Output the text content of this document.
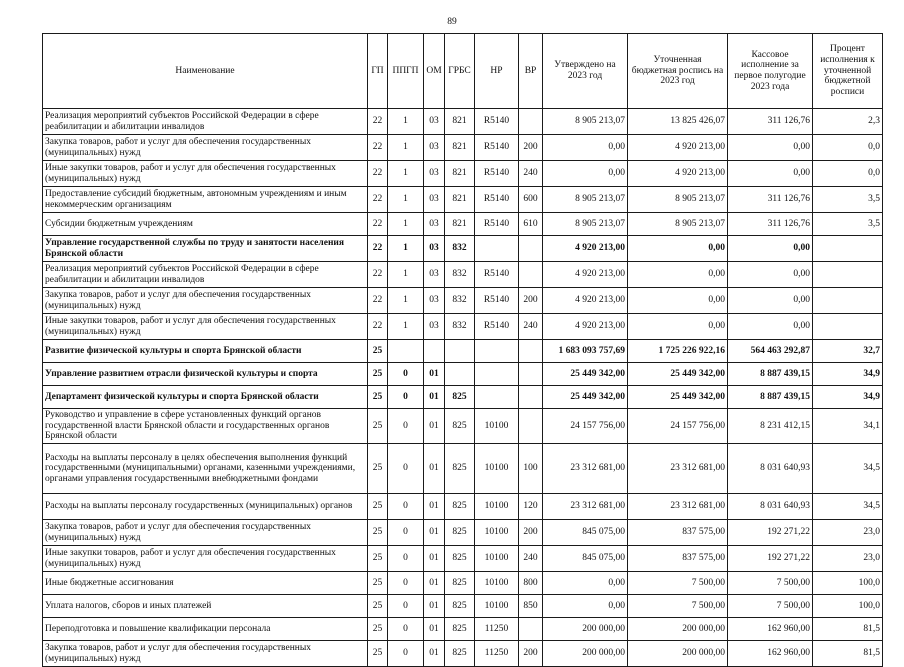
89
Наименование	ГП	ППГП	ОМ	ГРБС	НР	ВР	Утверждено на 2023 год	Уточненная бюджетная роспись на 2023 год	Кассовое исполнение за первое полугодие 2023 года	Процент исполнения к уточненной бюджетной росписи
Реализация мероприятий субъектов Российской Федерации в сфере реабилитации и абилитации инвалидов	22	1	03	821	R5140		8 905 213,07	13 825 426,07	311 126,76	2,3
Закупка товаров, работ и услуг для обеспечения государственных (муниципальных) нужд	22	1	03	821	R5140	200	0,00	4 920 213,00	0,00	0,0
Иные закупки товаров, работ и услуг для обеспечения государственных (муниципальных) нужд	22	1	03	821	R5140	240	0,00	4 920 213,00	0,00	0,0
Предоставление субсидий бюджетным, автономным учреждениям и иным некоммерческим организациям	22	1	03	821	R5140	600	8 905 213,07	8 905 213,07	311 126,76	3,5
Субсидии бюджетным учреждениям	22	1	03	821	R5140	610	8 905 213,07	8 905 213,07	311 126,76	3,5
Управление государственной службы по труду и занятости населения Брянской области	22	1	03	832			4 920 213,00	0,00	0,00	
Реализация мероприятий субъектов Российской Федерации в сфере реабилитации и абилитации инвалидов	22	1	03	832	R5140		4 920 213,00	0,00	0,00	
Закупка товаров, работ и услуг для обеспечения государственных (муниципальных) нужд	22	1	03	832	R5140	200	4 920 213,00	0,00	0,00	
Иные закупки товаров, работ и услуг для обеспечения государственных (муниципальных) нужд	22	1	03	832	R5140	240	4 920 213,00	0,00	0,00	
Развитие физической культуры и спорта Брянской области	25						1 683 093 757,69	1 725 226 922,16	564 463 292,87	32,7
Управление развитием отрасли физической культуры и спорта	25	0	01				25 449 342,00	25 449 342,00	8 887 439,15	34,9
Департамент физической культуры и спорта Брянской области	25	0	01	825			25 449 342,00	25 449 342,00	8 887 439,15	34,9
Руководство и управление в сфере установленных функций органов государственной власти Брянской области и государственных органов Брянской области	25	0	01	825	10100		24 157 756,00	24 157 756,00	8 231 412,15	34,1
Расходы на выплаты персоналу в целях обеспечения выполнения функций государственными (муниципальными) органами, казенными учреждениями, органами управления государственными внебюджетными фондами	25	0	01	825	10100	100	23 312 681,00	23 312 681,00	8 031 640,93	34,5
Расходы на выплаты персоналу государственных (муниципальных) органов	25	0	01	825	10100	120	23 312 681,00	23 312 681,00	8 031 640,93	34,5
Закупка товаров, работ и услуг для обеспечения государственных (муниципальных) нужд	25	0	01	825	10100	200	845 075,00	837 575,00	192 271,22	23,0
Иные закупки товаров, работ и услуг для обеспечения государственных (муниципальных) нужд	25	0	01	825	10100	240	845 075,00	837 575,00	192 271,22	23,0
Иные бюджетные ассигнования	25	0	01	825	10100	800	0,00	7 500,00	7 500,00	100,0
Уплата налогов, сборов и иных платежей	25	0	01	825	10100	850	0,00	7 500,00	7 500,00	100,0
Переподготовка и повышение квалификации персонала	25	0	01	825	11250		200 000,00	200 000,00	162 960,00	81,5
Закупка товаров, работ и услуг для обеспечения государственных (муниципальных) нужд	25	0	01	825	11250	200	200 000,00	200 000,00	162 960,00	81,5
